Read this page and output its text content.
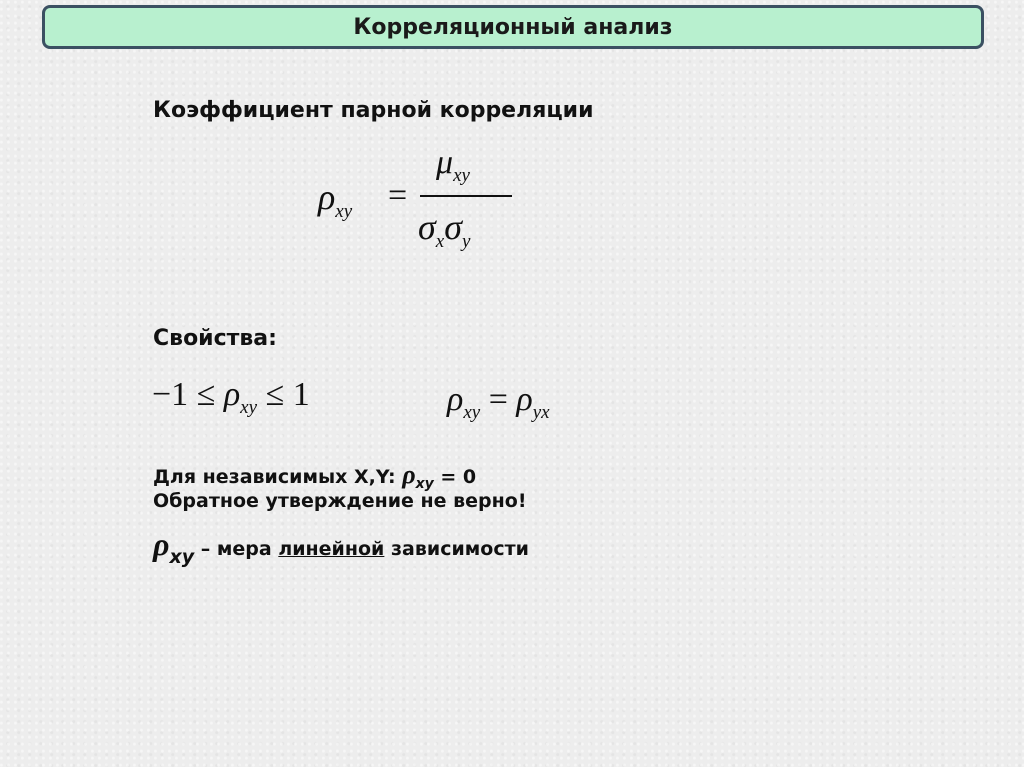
Корреляционный анализ
Коэффициент парной корреляции
$\rho_{xy}$ =
$\mu_{xy}$
$\sigma_x\sigma_y$
Свойства:
$-1 \le \rho_{xy} \le 1$	$\rho_{xy} = \rho_{yx}$
Для независимых X,Y: $\rho_{xy} = 0$
Обратное утверждение не верно!
ρxy – мера линейной зависимости
